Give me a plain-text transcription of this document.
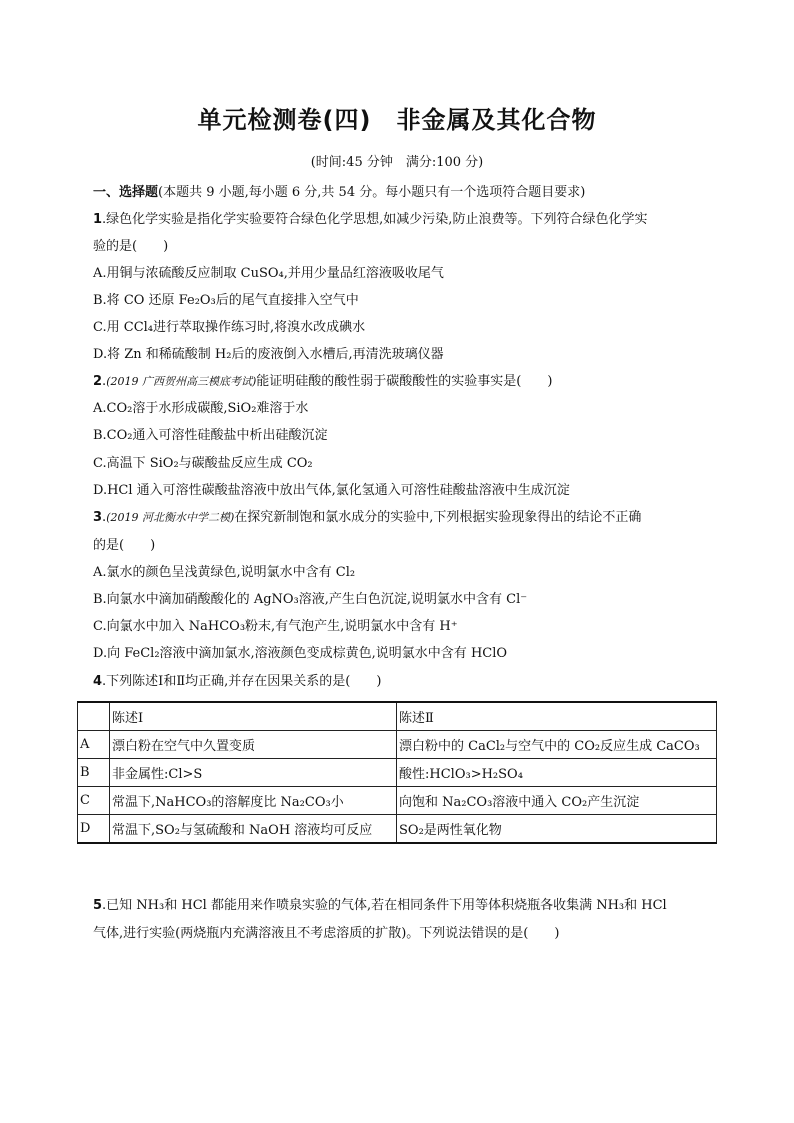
单元检测卷(四)　非金属及其化合物
(时间:45 分钟　满分:100 分)
一、选择题(本题共 9 小题,每小题 6 分,共 54 分。每小题只有一个选项符合题目要求)
1.绿色化学实验是指化学实验要符合绿色化学思想,如减少污染,防止浪费等。下列符合绿色化学实
验的是(　　)
A.用铜与浓硫酸反应制取 CuSO₄,并用少量品红溶液吸收尾气
B.将 CO 还原 Fe₂O₃后的尾气直接排入空气中
C.用 CCl₄进行萃取操作练习时,将溴水改成碘水
D.将 Zn 和稀硫酸制 H₂后的废液倒入水槽后,再清洗玻璃仪器
2.(2019 广西贺州高三模底考试)能证明硅酸的酸性弱于碳酸酸性的实验事实是(　　)
A.CO₂溶于水形成碳酸,SiO₂难溶于水
B.CO₂通入可溶性硅酸盐中析出硅酸沉淀
C.高温下 SiO₂与碳酸盐反应生成 CO₂
D.HCl 通入可溶性碳酸盐溶液中放出气体,氯化氢通入可溶性硅酸盐溶液中生成沉淀
3.(2019 河北衡水中学二模)在探究新制饱和氯水成分的实验中,下列根据实验现象得出的结论不正确
的是(　　)
A.氯水的颜色呈浅黄绿色,说明氯水中含有 Cl₂
B.向氯水中滴加硝酸酸化的 AgNO₃溶液,产生白色沉淀,说明氯水中含有 Cl⁻
C.向氯水中加入 NaHCO₃粉末,有气泡产生,说明氯水中含有 H⁺
D.向 FeCl₂溶液中滴加氯水,溶液颜色变成棕黄色,说明氯水中含有 HClO
4.下列陈述Ⅰ和Ⅱ均正确,并存在因果关系的是(　　)
	陈述Ⅰ	陈述Ⅱ
A	漂白粉在空气中久置变质	漂白粉中的 CaCl₂与空气中的 CO₂反应生成 CaCO₃
B	非金属性:Cl>S	酸性:HClO₃>H₂SO₄
C	常温下,NaHCO₃的溶解度比 Na₂CO₃小	向饱和 Na₂CO₃溶液中通入 CO₂产生沉淀
D	常温下,SO₂与氢硫酸和 NaOH 溶液均可反应	SO₂是两性氧化物
5.已知 NH₃和 HCl 都能用来作喷泉实验的气体,若在相同条件下用等体积烧瓶各收集满 NH₃和 HCl
气体,进行实验(两烧瓶内充满溶液且不考虑溶质的扩散)。下列说法错误的是(　　)
